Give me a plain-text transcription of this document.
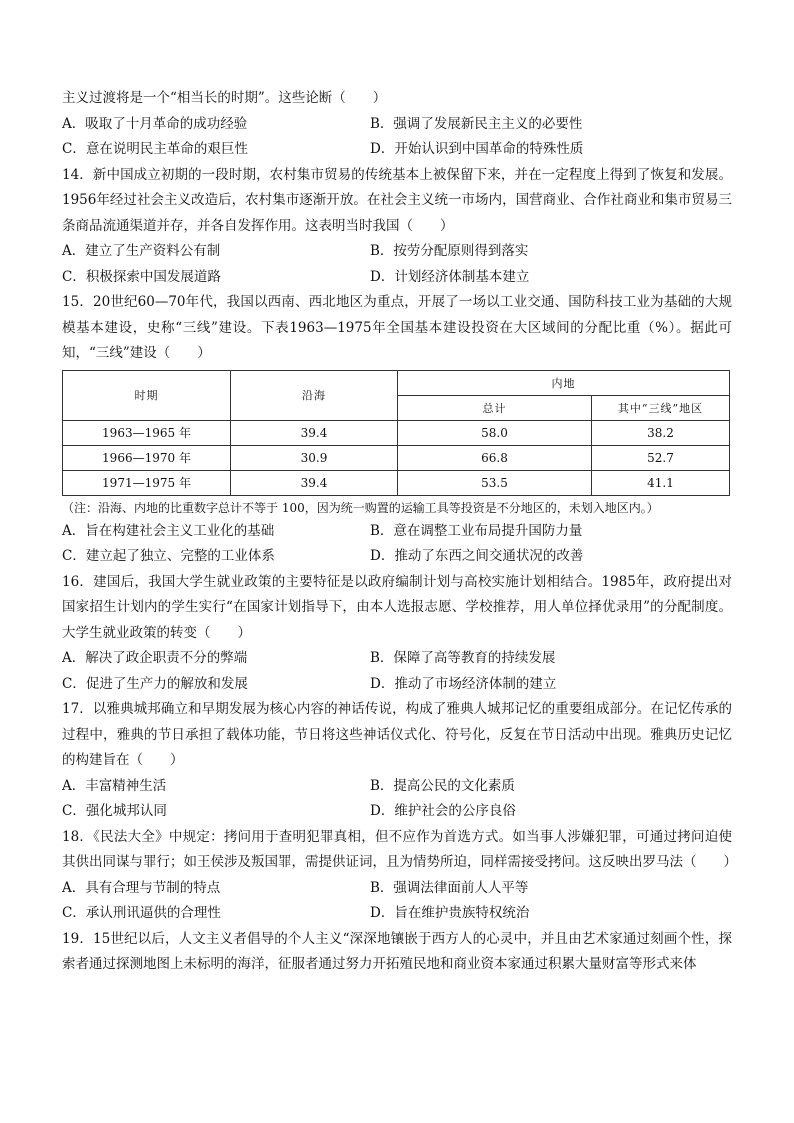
主义过渡将是一个“相当长的时期”。这些论断（　　）
A．吸取了十月革命的成功经验	B．强调了发展新民主主义的必要性
C．意在说明民主革命的艰巨性	D．开始认识到中国革命的特殊性质
14．新中国成立初期的一段时期，农村集市贸易的传统基本上被保留下来，并在一定程度上得到了恢复和发展。1956年经过社会主义改造后，农村集市逐渐开放。在社会主义统一市场内，国营商业、合作社商业和集市贸易三条商品流通渠道并存，并各自发挥作用。这表明当时我国（　　）
A．建立了生产资料公有制	B．按劳分配原则得到落实
C．积极探索中国发展道路	D．计划经济体制基本建立
15．20世纪60—70年代，我国以西南、西北地区为重点，开展了一场以工业交通、国防科技工业为基础的大规模基本建设，史称“三线”建设。下表1963—1975年全国基本建设投资在大区域间的分配比重（%）。据此可知，“三线”建设（　　）
时期	沿海	内地	
		总计	其中“三线”地区
1963—1965 年	39.4	58.0	38.2
1966—1970 年	30.9	66.8	52.7
1971—1975 年	39.4	53.5	41.1
（注：沿海、内地的比重数字总计不等于 100，因为统一购置的运输工具等投资是不分地区的，未划入地区内。）
A．旨在构建社会主义工业化的基础	B．意在调整工业布局提升国防力量
C．建立起了独立、完整的工业体系	D．推动了东西之间交通状况的改善
16．建国后，我国大学生就业政策的主要特征是以政府编制计划与高校实施计划相结合。1985年，政府提出对国家招生计划内的学生实行“在国家计划指导下，由本人选报志愿、学校推荐，用人单位择优录用”的分配制度。大学生就业政策的转变（　　）
A．解决了政企职责不分的弊端	B．保障了高等教育的持续发展
C．促进了生产力的解放和发展	D．推动了市场经济体制的建立
17．以雅典城邦确立和早期发展为核心内容的神话传说，构成了雅典人城邦记忆的重要组成部分。在记忆传承的过程中，雅典的节日承担了载体功能，节日将这些神话仪式化、符号化，反复在节日活动中出现。雅典历史记忆的构建旨在（　　）
A．丰富精神生活	B．提高公民的文化素质
C．强化城邦认同	D．维护社会的公序良俗
18．《民法大全》中规定：拷问用于查明犯罪真相，但不应作为首选方式。如当事人涉嫌犯罪，可通过拷问迫使其供出同谋与罪行；如王侯涉及叛国罪，需提供证词，且为情势所迫，同样需接受拷问。这反映出罗马法（　　）
A．具有合理与节制的特点	B．强调法律面前人人平等
C．承认刑讯逼供的合理性	D．旨在维护贵族特权统治
19．15世纪以后，人文主义者倡导的个人主义“深深地镶嵌于西方人的心灵中，并且由艺术家通过刻画个性，探索者通过探测地图上未标明的海洋，征服者通过努力开拓殖民地和商业资本家通过积累大量财富等形式来体
